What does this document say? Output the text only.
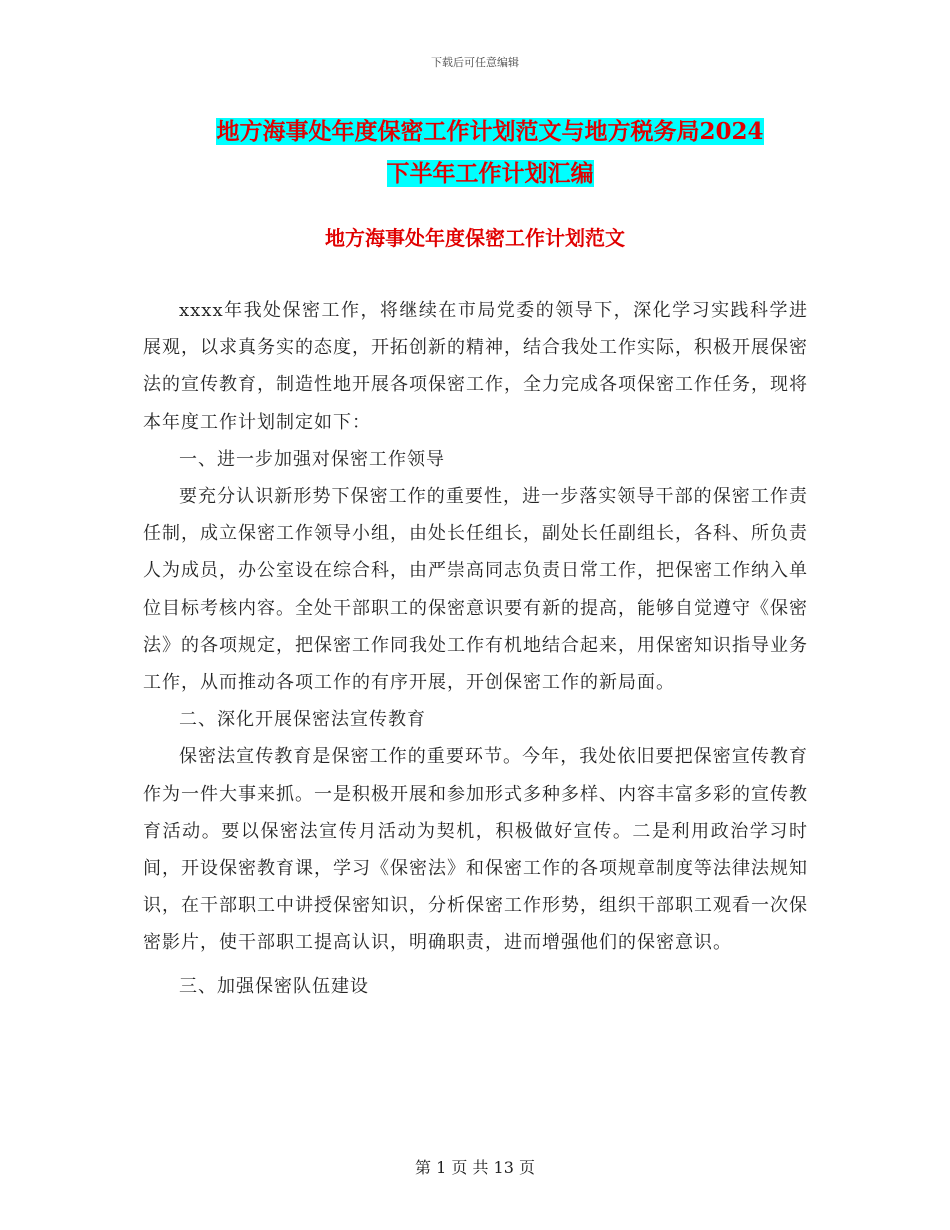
下载后可任意编辑
地方海事处年度保密工作计划范文与地方税务局2024
下半年工作计划汇编
地方海事处年度保密工作计划范文

xxxx年我处保密工作，将继续在市局党委的领导下，深化学习实践科学进展观，以求真务实的态度，开拓创新的精神，结合我处工作实际，积极开展保密法的宣传教育，制造性地开展各项保密工作，全力完成各项保密工作任务，现将本年度工作计划制定如下：

一、进一步加强对保密工作领导

要充分认识新形势下保密工作的重要性，进一步落实领导干部的保密工作责任制，成立保密工作领导小组，由处长任组长，副处长任副组长，各科、所负责人为成员，办公室设在综合科，由严崇高同志负责日常工作，把保密工作纳入单位目标考核内容。全处干部职工的保密意识要有新的提高，能够自觉遵守《保密法》的各项规定，把保密工作同我处工作有机地结合起来，用保密知识指导业务工作，从而推动各项工作的有序开展，开创保密工作的新局面。

二、深化开展保密法宣传教育

保密法宣传教育是保密工作的重要环节。今年，我处依旧要把保密宣传教育作为一件大事来抓。一是积极开展和参加形式多种多样、内容丰富多彩的宣传教育活动。要以保密法宣传月活动为契机，积极做好宣传。二是利用政治学习时间，开设保密教育课，学习《保密法》和保密工作的各项规章制度等法律法规知识，在干部职工中讲授保密知识，分析保密工作形势，组织干部职工观看一次保密影片，使干部职工提高认识，明确职责，进而增强他们的保密意识。

三、加强保密队伍建设

第 1 页 共 13 页
